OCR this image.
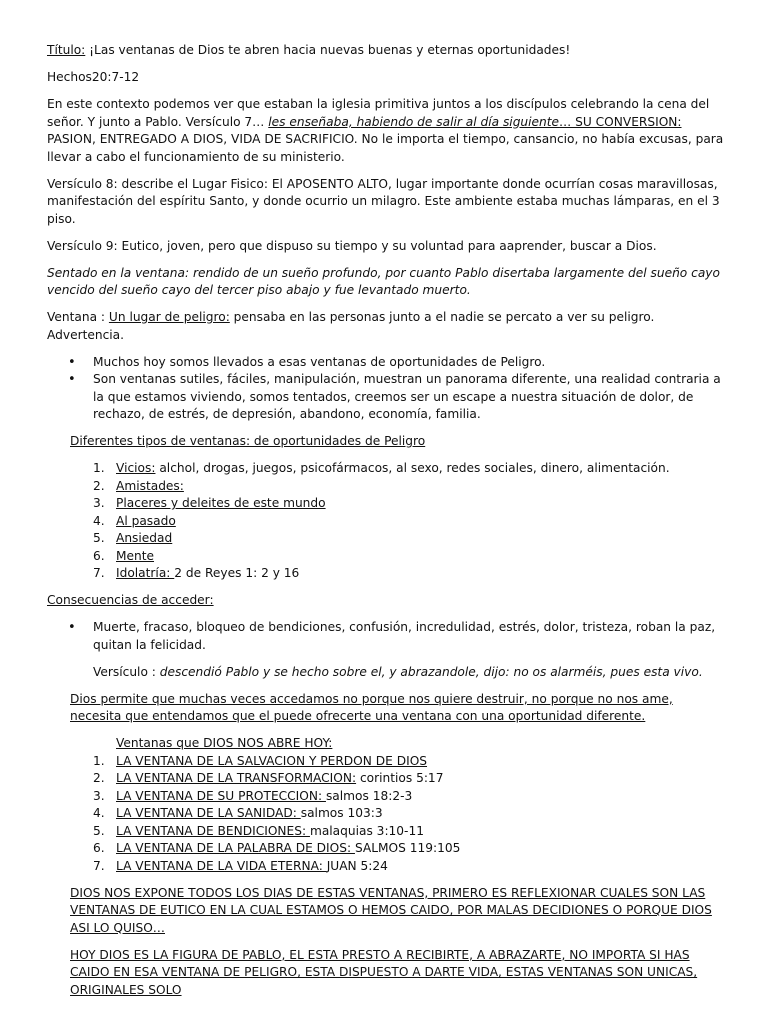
Título: ¡Las ventanas de Dios te abren hacia nuevas buenas y eternas oportunidades!

Hechos20:7-12

En este contexto podemos ver que estaban la iglesia primitiva juntos a los discípulos celebrando la cena del señor. Y junto a Pablo. Versículo 7… les enseñaba, habiendo de salir al día siguiente… SU CONVERSION: PASION, ENTREGADO A DIOS, VIDA DE SACRIFICIO. No le importa el tiempo, cansancio, no había excusas, para llevar a cabo el funcionamiento de su ministerio.

Versículo 8: describe el Lugar Fisico: El APOSENTO ALTO, lugar importante donde ocurrían cosas maravillosas, manifestación del espíritu Santo, y donde ocurrio un milagro. Este ambiente estaba muchas lámparas, en el 3 piso.

Versículo 9: Eutico, joven, pero que dispuso su tiempo y su voluntad para aaprender, buscar a Dios.

Sentado en la ventana: rendido de un sueño profundo, por cuanto Pablo disertaba largamente del sueño cayo vencido del sueño cayo del tercer piso abajo y fue levantado muerto.

Ventana : Un lugar de peligro: pensaba en las personas junto a el nadie se percato a ver su peligro. Advertencia.

• Muchos hoy somos llevados a esas ventanas de oportunidades de Peligro.
• Son ventanas sutiles, fáciles, manipulación, muestran un panorama diferente, una realidad contraria a la que estamos viviendo, somos tentados, creemos ser un escape a nuestra situación de dolor, de rechazo, de estrés, de depresión, abandono, economía, familia.

Diferentes tipos de ventanas: de oportunidades de Peligro

1. Vicios: alchol, drogas, juegos, psicofármacos, al sexo, redes sociales, dinero, alimentación.
2. Amistades:
3. Placeres y deleites de este mundo
4. Al pasado
5. Ansiedad
6. Mente
7. Idolatría: 2 de Reyes 1: 2 y 16

Consecuencias de acceder:

• Muerte, fracaso, bloqueo de bendiciones, confusión, incredulidad, estrés, dolor, tristeza, roban la paz, quitan la felicidad.

Versículo : descendió Pablo y se hecho sobre el, y abrazandole, dijo: no os alarméis, pues esta vivo.

Dios permite que muchas veces accedamos no porque nos quiere destruir, no porque no nos ame, necesita que entendamos que el puede ofrecerte una ventana con una oportunidad diferente.

Ventanas que DIOS NOS ABRE HOY:

1. LA VENTANA DE LA SALVACION Y PERDON DE DIOS
2. LA VENTANA DE LA TRANSFORMACION: corintios 5:17
3. LA VENTANA DE SU PROTECCION: salmos 18:2-3
4. LA VENTANA DE LA SANIDAD: salmos 103:3
5. LA VENTANA DE BENDICIONES: malaquias 3:10-11
6. LA VENTANA DE LA PALABRA DE DIOS: SALMOS 119:105
7. LA VENTANA DE LA VIDA ETERNA: JUAN 5:24

DIOS NOS EXPONE TODOS LOS DIAS DE ESTAS VENTANAS, PRIMERO ES REFLEXIONAR CUALES SON LAS VENTANAS DE EUTICO EN LA CUAL ESTAMOS O HEMOS CAIDO, POR MALAS DECIDIONES O PORQUE DIOS ASI LO QUISO…

HOY DIOS ES LA FIGURA DE PABLO, EL ESTA PRESTO A RECIBIRTE, A ABRAZARTE, NO IMPORTA SI HAS CAIDO EN ESA VENTANA DE PELIGRO, ESTA DISPUESTO A DARTE VIDA, ESTAS VENTANAS SON UNICAS, ORIGINALES SOLO
